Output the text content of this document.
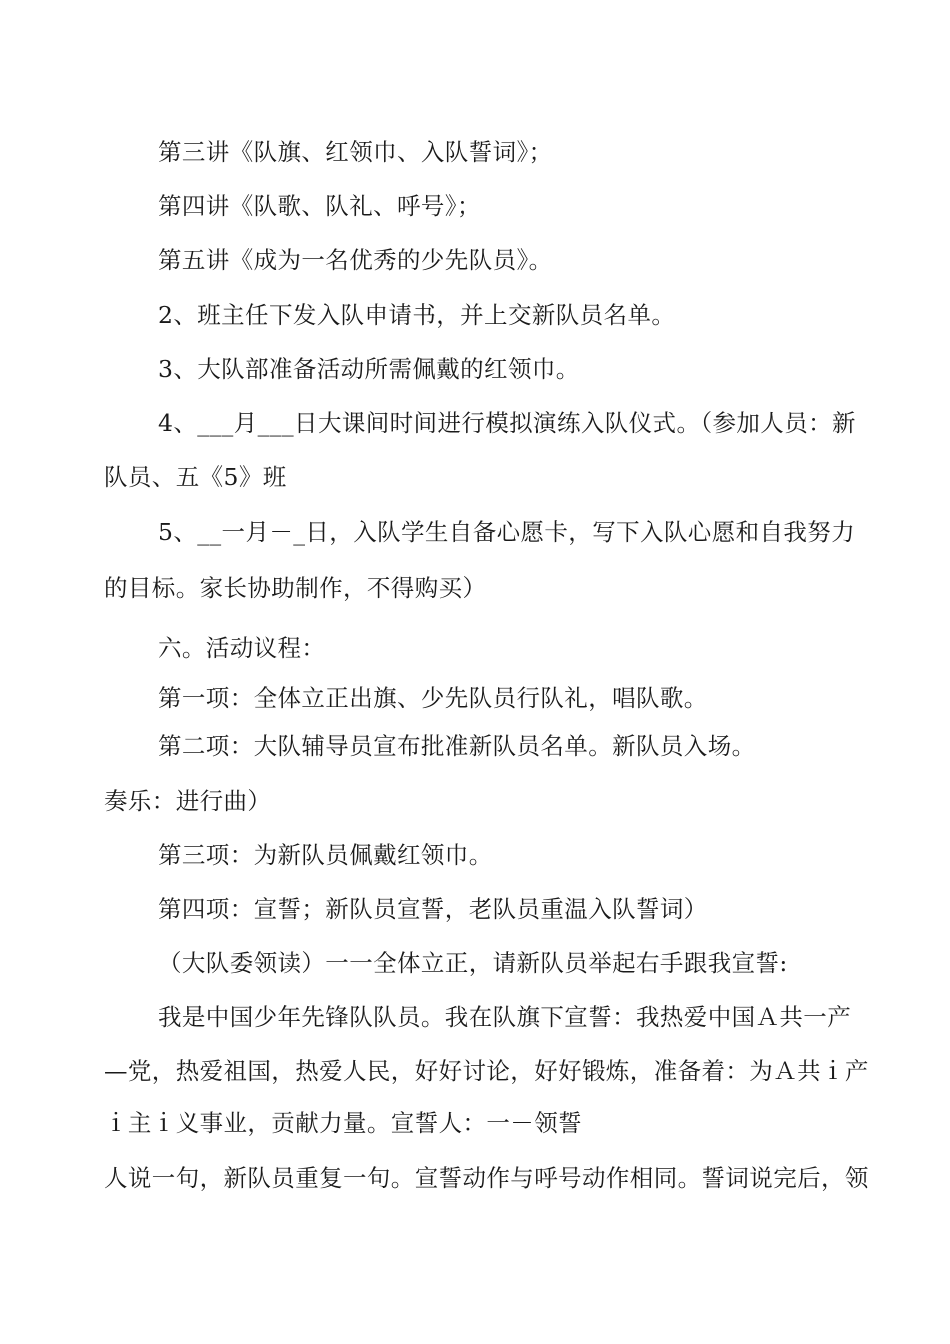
第三讲《队旗、红领巾、入队誓词》；
第四讲《队歌、队礼、呼号》；
第五讲《成为一名优秀的少先队员》。
2、班主任下发入队申请书，并上交新队员名单。
3、大队部准备活动所需佩戴的红领巾。
4、___月___日大课间时间进行模拟演练入队仪式。（参加人员：新
队员、五《5》班
5、__一月－_日，入队学生自备心愿卡，写下入队心愿和自我努力
的目标。家长协助制作，不得购买）
六。活动议程：
第一项：全体立正出旗、少先队员行队礼，唱队歌。
第二项：大队辅导员宣布批准新队员名单。新队员入场。
奏乐：进行曲）
第三项：为新队员佩戴红领巾。
第四项：宣誓；新队员宣誓，老队员重温入队誓词）
（大队委领读）一一全体立正，请新队员举起右手跟我宣誓:
我是中国少年先锋队队员。我在队旗下宣誓：我热爱中国Ａ共一产
—党，热爱祖国，热爱人民，好好讨论，好好锻炼，准备着：为Ａ共ｉ产
ｉ主ｉ义事业，贡献力量。宣誓人：一－领誓
人说一句，新队员重复一句。宣誓动作与呼号动作相同。誓词说完后，领
